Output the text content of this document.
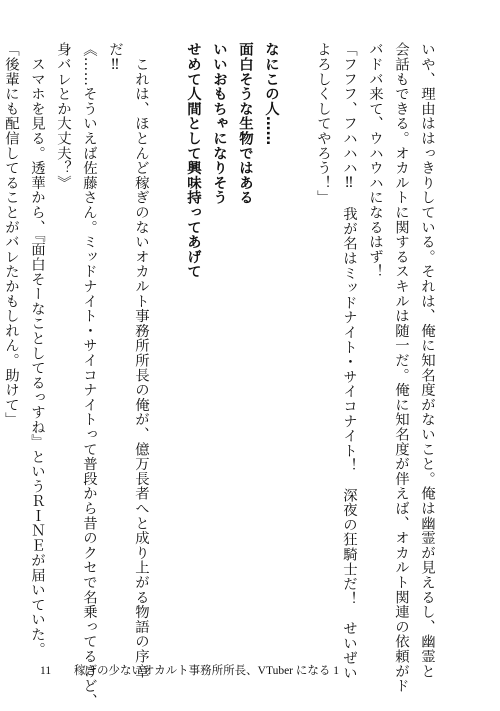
いや、理由ははっきりしている。それは、俺に知名度がないこと。俺は幽霊が見えるし、幽霊と
会話もできる。オカルトに関するスキルは随一だ。俺に知名度が伴えば、オカルト関連の依頼がド
バドバ来て、ウハウハになるはず！
「フフフ、フハハハ‼　我が名はミッドナイト・サイコナイト！　深夜の狂騎士だ！　せいぜい
よろしくしてやろう！」
なにこの人……
面白そうな生物ではある
いいおもちゃになりそう
せめて人間として興味持ってあげて
　これは、ほとんど稼ぎのないオカルト事務所所長の俺が、億万長者へと成り上がる物語の序章
だ‼
《……そういえば佐藤さん。ミッドナイト・サイコナイトって普段から昔のクセで名乗ってるけど、
身バレとか大丈夫？》
　スマホを見る。透華から、『面白そーなことしてるっすね』というＲＩＮＥが届いていた。
「後輩にも配信してることがバレたかもしれん。助けて」
11 稼ぎの少ないオカルト事務所所長、VTuber になる 1
